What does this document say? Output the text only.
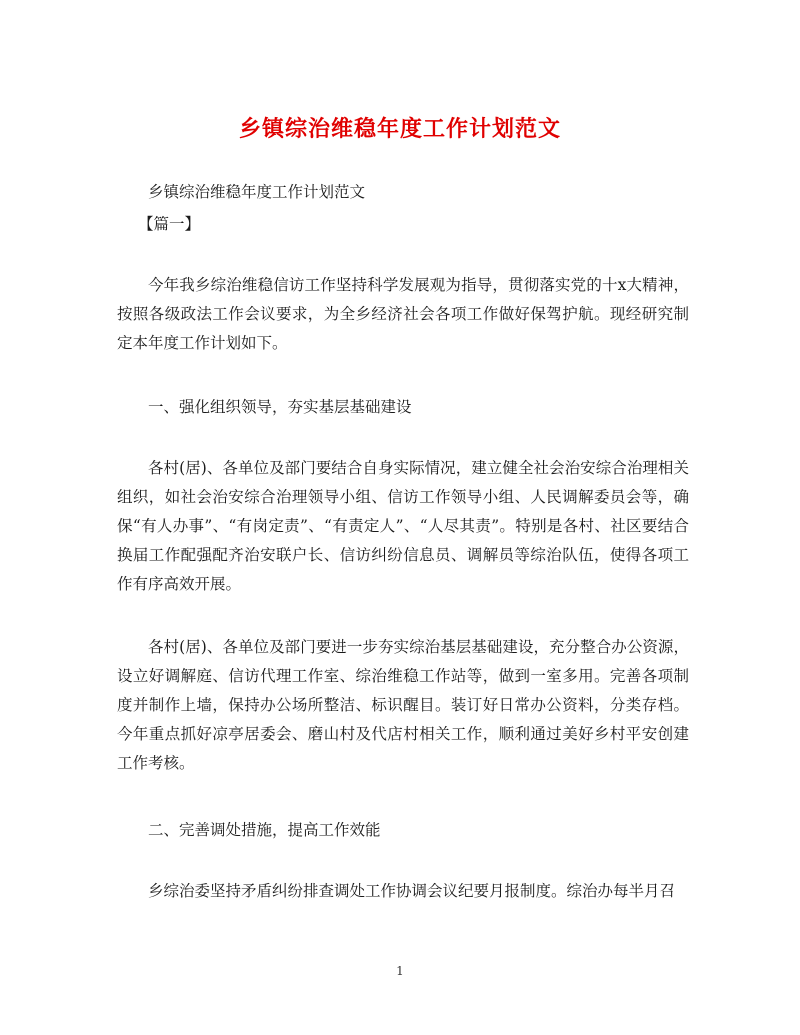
乡镇综治维稳年度工作计划范文
乡镇综治维稳年度工作计划范文
【篇一】
今年我乡综治维稳信访工作坚持科学发展观为指导，贯彻落实党的十x大精神，按照各级政法工作会议要求，为全乡经济社会各项工作做好保驾护航。现经研究制定本年度工作计划如下。
一、强化组织领导，夯实基层基础建设
各村(居)、各单位及部门要结合自身实际情况，建立健全社会治安综合治理相关组织，如社会治安综合治理领导小组、信访工作领导小组、人民调解委员会等，确保“有人办事”、“有岗定责”、“有责定人”、“人尽其责”。特别是各村、社区要结合换届工作配强配齐治安联户长、信访纠纷信息员、调解员等综治队伍，使得各项工作有序高效开展。
各村(居)、各单位及部门要进一步夯实综治基层基础建设，充分整合办公资源，设立好调解庭、信访代理工作室、综治维稳工作站等，做到一室多用。完善各项制度并制作上墙，保持办公场所整洁、标识醒目。装订好日常办公资料，分类存档。今年重点抓好凉亭居委会、磨山村及代店村相关工作，顺利通过美好乡村平安创建工作考核。
二、完善调处措施，提高工作效能
乡综治委坚持矛盾纠纷排查调处工作协调会议纪要月报制度。综治办每半月召
1
